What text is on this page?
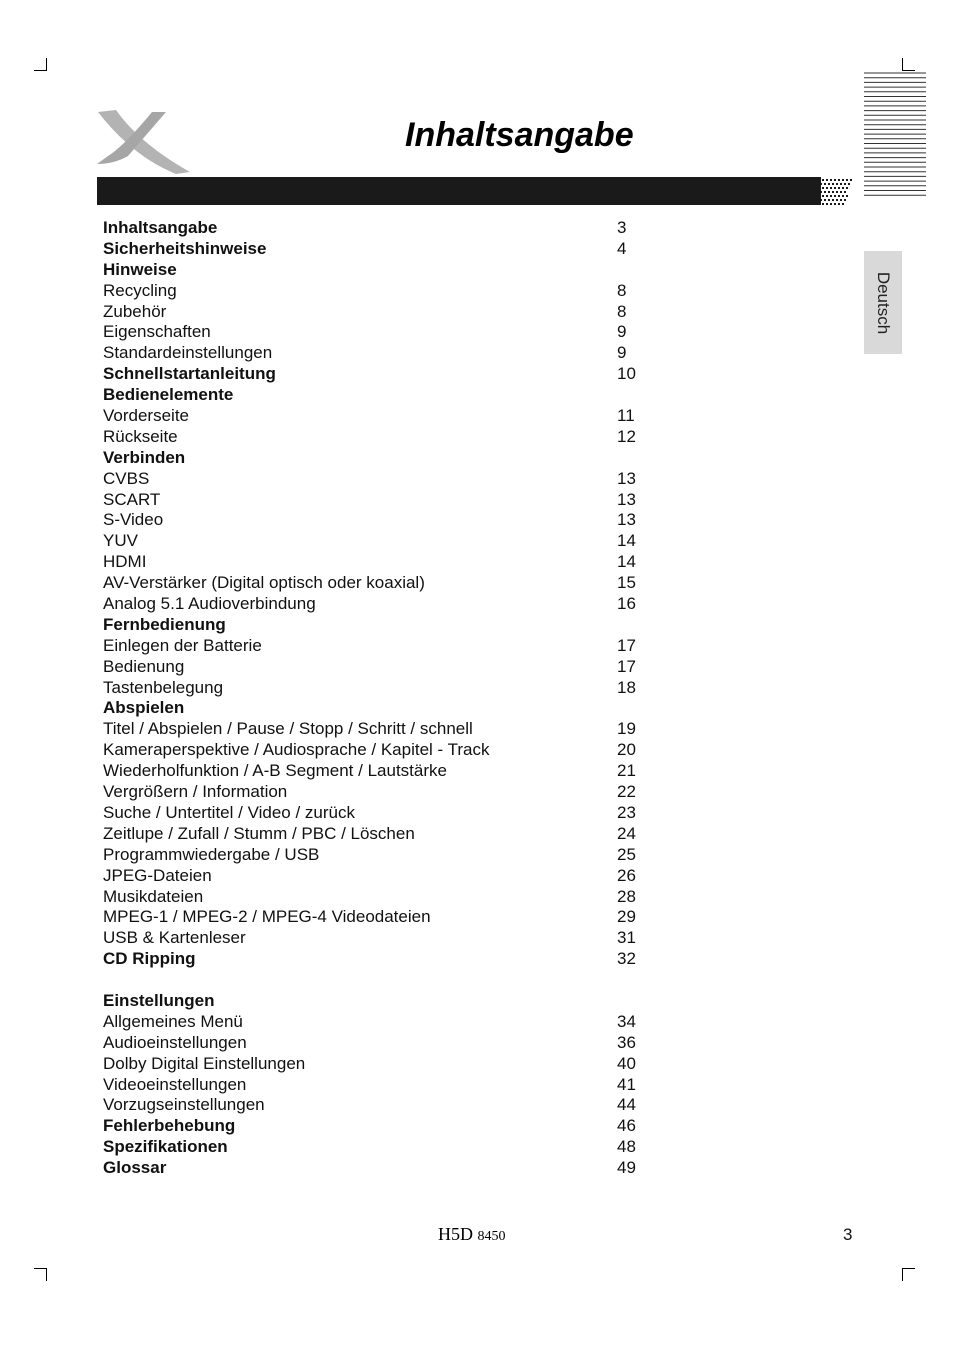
Inhaltsangabe
Deutsch
Inhaltsangabe	3
Sicherheitshinweise	4
Hinweise
Recycling	8
Zubehör	8
Eigenschaften	9
Standardeinstellungen	9
Schnellstartanleitung	10
Bedienelemente
Vorderseite	11
Rückseite	12
Verbinden
CVBS	13
SCART	13
S-Video	13
YUV	14
HDMI	14
AV-Verstärker (Digital optisch oder koaxial)	15
Analog 5.1 Audioverbindung	16
Fernbedienung
Einlegen der Batterie	17
Bedienung	17
Tastenbelegung	18
Abspielen
Titel / Abspielen / Pause / Stopp / Schritt / schnell	19
Kameraperspektive / Audiosprache / Kapitel - Track	20
Wiederholfunktion / A-B Segment / Lautstärke	21
Vergrößern / Information	22
Suche / Untertitel / Video / zurück	23
Zeitlupe / Zufall / Stumm / PBC / Löschen	24
Programmwiedergabe / USB	25
JPEG-Dateien	26
Musikdateien	28
MPEG-1 / MPEG-2 / MPEG-4 Videodateien	29
USB & Kartenleser	31
CD Ripping	32
Einstellungen
Allgemeines Menü	34
Audioeinstellungen	36
Dolby Digital Einstellungen	40
Videoeinstellungen	41
Vorzugseinstellungen	44
Fehlerbehebung	46
Spezifikationen	48
Glossar	49
H5D 8450	3
